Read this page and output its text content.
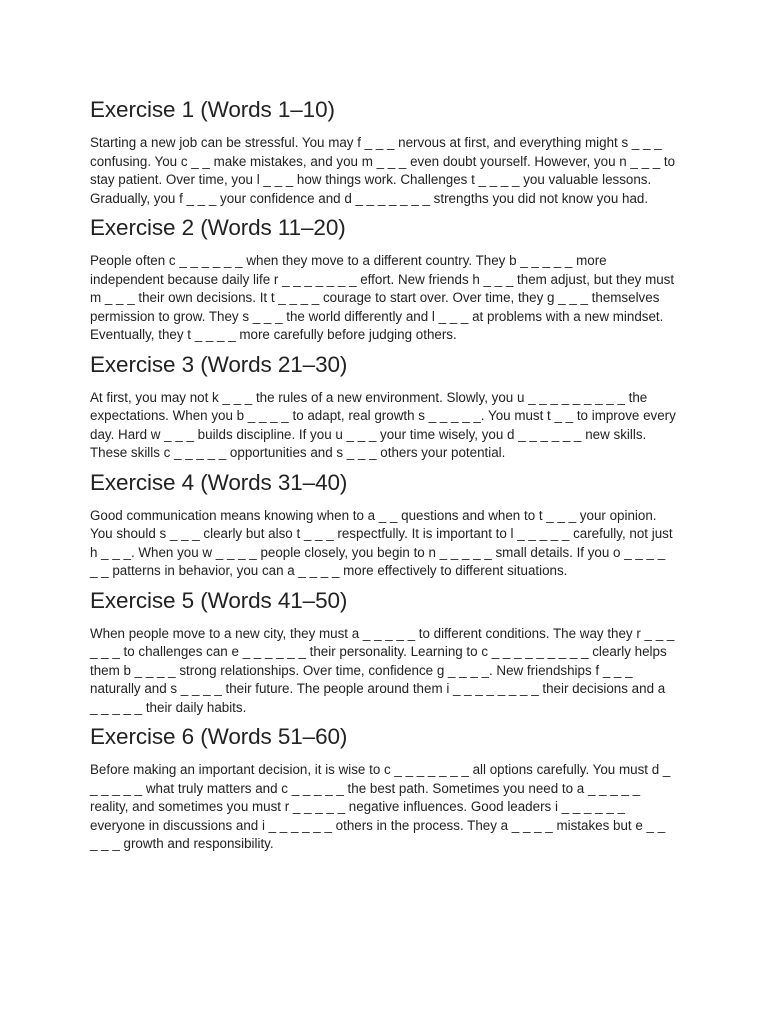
Exercise 1 (Words 1–10)

Starting a new job can be stressful. You may f _ _ _ nervous at first, and everything might s _ _ _ confusing. You c _ _ make mistakes, and you m _ _ _ even doubt yourself. However, you n _ _ _ to stay patient. Over time, you l _ _ _ how things work. Challenges t _ _ _ _ you valuable lessons. Gradually, you f _ _ _ your confidence and d _ _ _ _ _ _ _ strengths you did not know you had.

Exercise 2 (Words 11–20)

People often c _ _ _ _ _ _ when they move to a different country. They b _ _ _ _ _ more independent because daily life r _ _ _ _ _ _ _ effort. New friends h _ _ _ them adjust, but they must m _ _ _ their own decisions. It t _ _ _ _ courage to start over. Over time, they g _ _ _ themselves permission to grow. They s _ _ _ the world differently and l _ _ _ at problems with a new mindset. Eventually, they t _ _ _ _ more carefully before judging others.

Exercise 3 (Words 21–30)

At first, you may not k _ _ _ the rules of a new environment. Slowly, you u _ _ _ _ _ _ _ _ _ the expectations. When you b _ _ _ _ to adapt, real growth s _ _ _ _ _. You must t _ _ to improve every day. Hard w _ _ _ builds discipline. If you u _ _ _ your time wisely, you d _ _ _ _ _ _ new skills. These skills c _ _ _ _ _ opportunities and s _ _ _ others your potential.

Exercise 4 (Words 31–40)

Good communication means knowing when to a _ _ questions and when to t _ _ _ your opinion. You should s _ _ _ clearly but also t _ _ _ respectfully. It is important to l _ _ _ _ _ carefully, not just h _ _ _. When you w _ _ _ _ people closely, you begin to n _ _ _ _ _ small details. If you o _ _ _ _ _ _ patterns in behavior, you can a _ _ _ _ more effectively to different situations.

Exercise 5 (Words 41–50)

When people move to a new city, they must a _ _ _ _ _ to different conditions. The way they r _ _ _ _ _ _ to challenges can e _ _ _ _ _ _ their personality. Learning to c _ _ _ _ _ _ _ _ _ clearly helps them b _ _ _ _ strong relationships. Over time, confidence g _ _ _ _. New friendships f _ _ _ naturally and s _ _ _ _ their future. The people around them i _ _ _ _ _ _ _ _ their decisions and a _ _ _ _ _ their daily habits.

Exercise 6 (Words 51–60)

Before making an important decision, it is wise to c _ _ _ _ _ _ _ all options carefully. You must d _ _ _ _ _ _ what truly matters and c _ _ _ _ _ the best path. Sometimes you need to a _ _ _ _ _ reality, and sometimes you must r _ _ _ _ _ negative influences. Good leaders i _ _ _ _ _ _ everyone in discussions and i _ _ _ _ _ _ others in the process. They a _ _ _ _ mistakes but e _ _ _ _ _ growth and responsibility.
